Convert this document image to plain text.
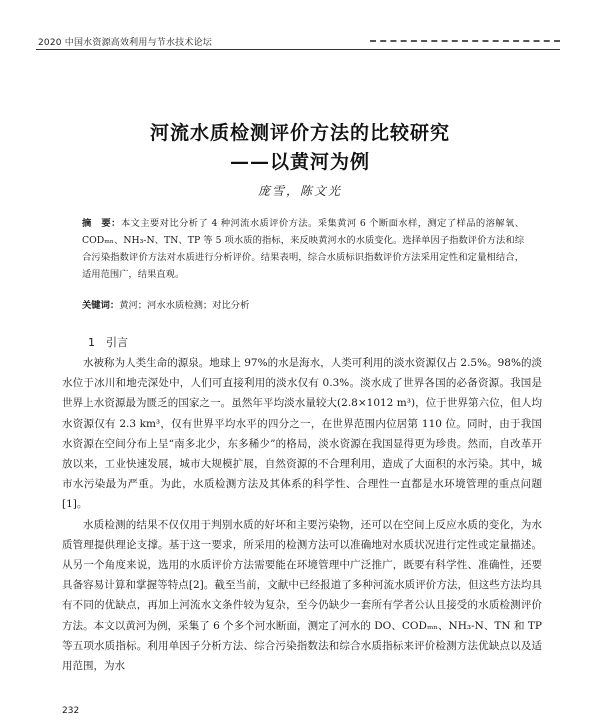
2020 中国水资源高效利用与节水技术论坛
河流水质检测评价方法的比较研究
——以黄河为例
庞雪，陈文光
摘　要：本文主要对比分析了 4 种河流水质评价方法。采集黄河 6 个断面水样，测定了样品的溶解氧、CODₘₙ、NH₃-N、TN、TP 等 5 项水质的指标，来反映黄河水的水质变化。选择单因子指数评价方法和综合污染指数评价方法对水质进行分析评价。结果表明，综合水质标识指数评价方法采用定性和定量相结合，适用范围广，结果直观。
关键词：黄河；河水水质检测；对比分析
1　引言

水被称为人类生命的源泉。地球上 97%的水是海水，人类可利用的淡水资源仅占 2.5%。98%的淡水位于冰川和地壳深处中，人们可直接利用的淡水仅有 0.3%。淡水成了世界各国的必备资源。我国是世界上水资源最为匮乏的国家之一。虽然年平均淡水量较大(2.8×1012 m³)，位于世界第六位，但人均水资源仅有 2.3 km³，仅有世界平均水平的四分之一，在世界范围内位居第 110 位。同时，由于我国水资源在空间分布上呈“南多北少，东多稀少”的格局，淡水资源在我国显得更为珍贵。然而，自改革开放以来，工业快速发展，城市大规模扩展，自然资源的不合理利用，造成了大面积的水污染。其中，城市水污染最为严重。为此，水质检测方法及其体系的科学性、合理性一直都是水环境管理的重点问题[1]。

水质检测的结果不仅仅用于判别水质的好坏和主要污染物，还可以在空间上反应水质的变化，为水质管理提供理论支撑。基于这一要求，所采用的检测方法可以准确地对水质状况进行定性或定量描述。从另一个角度来说，选用的水质评价方法需要能在环境管理中广泛推广，既要有科学性、准确性，还要具备容易计算和掌握等特点[2]。截至当前，文献中已经报道了多种河流水质评价方法，但这些方法均具有不同的优缺点，再加上河流水文条件较为复杂，至今仍缺少一套所有学者公认且接受的水质检测评价方法。本文以黄河为例，采集了 6 个多个河水断面，测定了河水的 DO、CODₘₙ、NH₃-N、TN 和 TP 等五项水质指标。利用单因子分析方法、综合污染指数法和综合水质指标来评价检测方法优缺点以及适用范围，为水

232
